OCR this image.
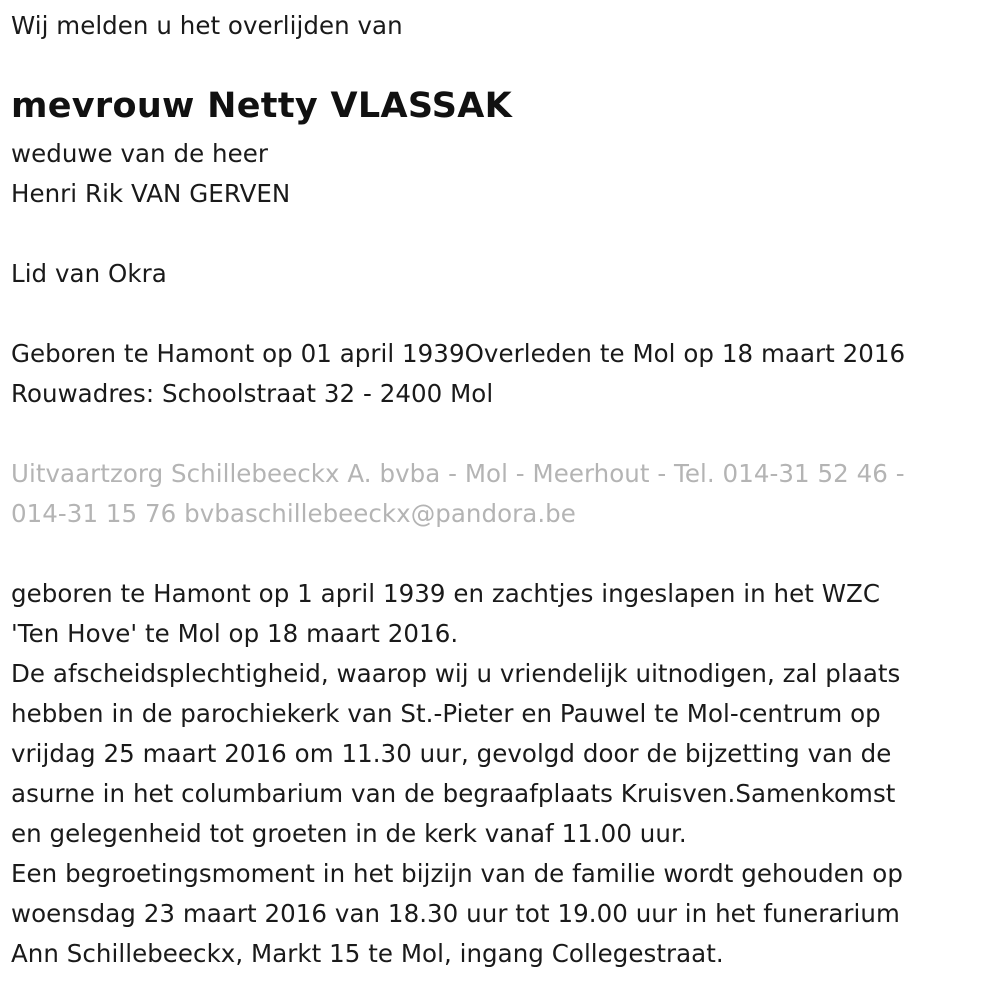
Wij melden u het overlijden van
mevrouw Netty VLASSAK
weduwe van de heer
Henri Rik VAN GERVEN
Lid van Okra
Geboren te Hamont op 01 april 1939Overleden te Mol op 18 maart 2016
Rouwadres: Schoolstraat 32 - 2400 Mol
Uitvaartzorg Schillebeeckx A. bvba - Mol - Meerhout - Tel. 014-31 52 46 -
014-31 15 76 bvbaschillebeeckx@pandora.be
geboren te Hamont op 1 april 1939 en zachtjes ingeslapen in het WZC
'Ten Hove' te Mol op 18 maart 2016.
De afscheidsplechtigheid, waarop wij u vriendelijk uitnodigen, zal plaats
hebben in de parochiekerk van St.-Pieter en Pauwel te Mol-centrum op
vrijdag 25 maart 2016 om 11.30 uur, gevolgd door de bijzetting van de
asurne in het columbarium van de begraafplaats Kruisven.Samenkomst
en gelegenheid tot groeten in de kerk vanaf 11.00 uur.
Een begroetingsmoment in het bijzijn van de familie wordt gehouden op
woensdag 23 maart 2016 van 18.30 uur tot 19.00 uur in het funerarium
Ann Schillebeeckx, Markt 15 te Mol, ingang Collegestraat.
